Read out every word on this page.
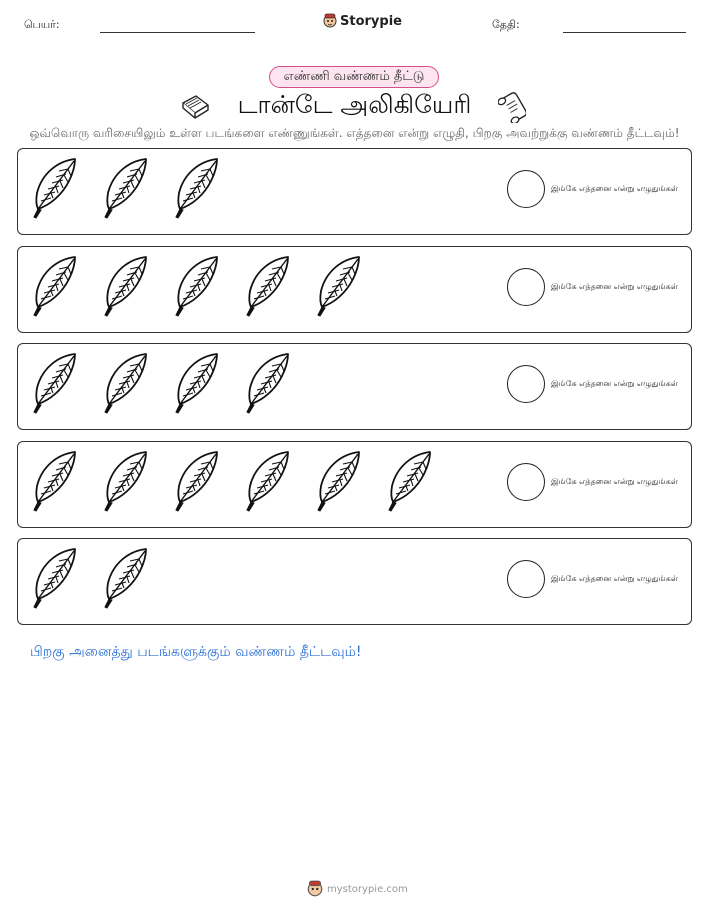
பெயர்:	Storypie	தேதி:
எண்ணி வண்ணம் தீட்டு
டான்டே அலிகியேரி
ஒவ்வொரு வரிசையிலும் உள்ள படங்களை எண்ணுங்கள். எத்தனை என்று எழுதி, பிறகு அவற்றுக்கு வண்ணம் தீட்டவும்!
இங்கே எத்தனை என்று எழுதுங்கள்
இங்கே எத்தனை என்று எழுதுங்கள்
இங்கே எத்தனை என்று எழுதுங்கள்
இங்கே எத்தனை என்று எழுதுங்கள்
இங்கே எத்தனை என்று எழுதுங்கள்
பிறகு அனைத்து படங்களுக்கும் வண்ணம் தீட்டவும்!
mystorypie.com
